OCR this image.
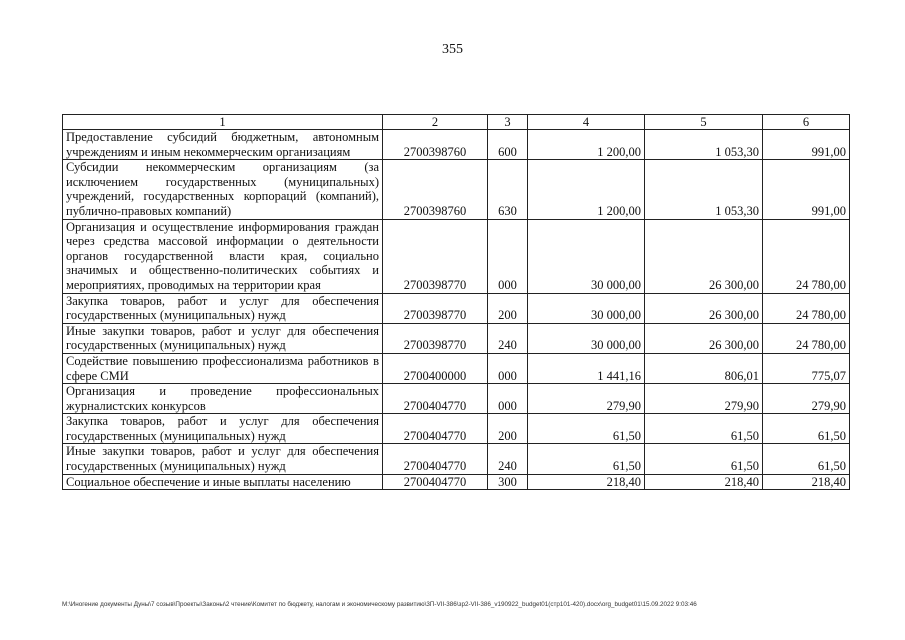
355
1	2	3	4	5	6
Предоставление субсидий бюджетным, автономным учреждениям и иным некоммерческим организациям	2700398760	600	1 200,00	1 053,30	991,00
Субсидии некоммерческим организациям (за исключением государственных (муниципальных) учреждений, государственных корпораций (компаний), публично-правовых компаний)	2700398760	630	1 200,00	1 053,30	991,00
Организация и осуществление информирования граждан через средства массовой информации о деятельности органов государственной власти края, социально значимых и общественно-политических событиях и мероприятиях, проводимых на территории края	2700398770	000	30 000,00	26 300,00	24 780,00
Закупка товаров, работ и услуг для обеспечения государственных (муниципальных) нужд	2700398770	200	30 000,00	26 300,00	24 780,00
Иные закупки товаров, работ и услуг для обеспечения государственных (муниципальных) нужд	2700398770	240	30 000,00	26 300,00	24 780,00
Содействие повышению профессионализма работников в сфере СМИ	2700400000	000	1 441,16	806,01	775,07
Организация и проведение профессиональных журналистских конкурсов	2700404770	000	279,90	279,90	279,90
Закупка товаров, работ и услуг для обеспечения государственных (муниципальных) нужд	2700404770	200	61,50	61,50	61,50
Иные закупки товаров, работ и услуг для обеспечения государственных (муниципальных) нужд	2700404770	240	61,50	61,50	61,50
Социальное обеспечение и иные выплаты населению	2700404770	300	218,40	218,40	218,40
М:\Иногение документы Дуны\7 созыв\Проекты\Законы\2 чтение\Комитет по бюджету, налогам и экономическому развитию\3П-VII-386\зр2-VII-386_v190922_budget01(стр101-420).docx\org_budget01\15.09.2022 9:03:46
